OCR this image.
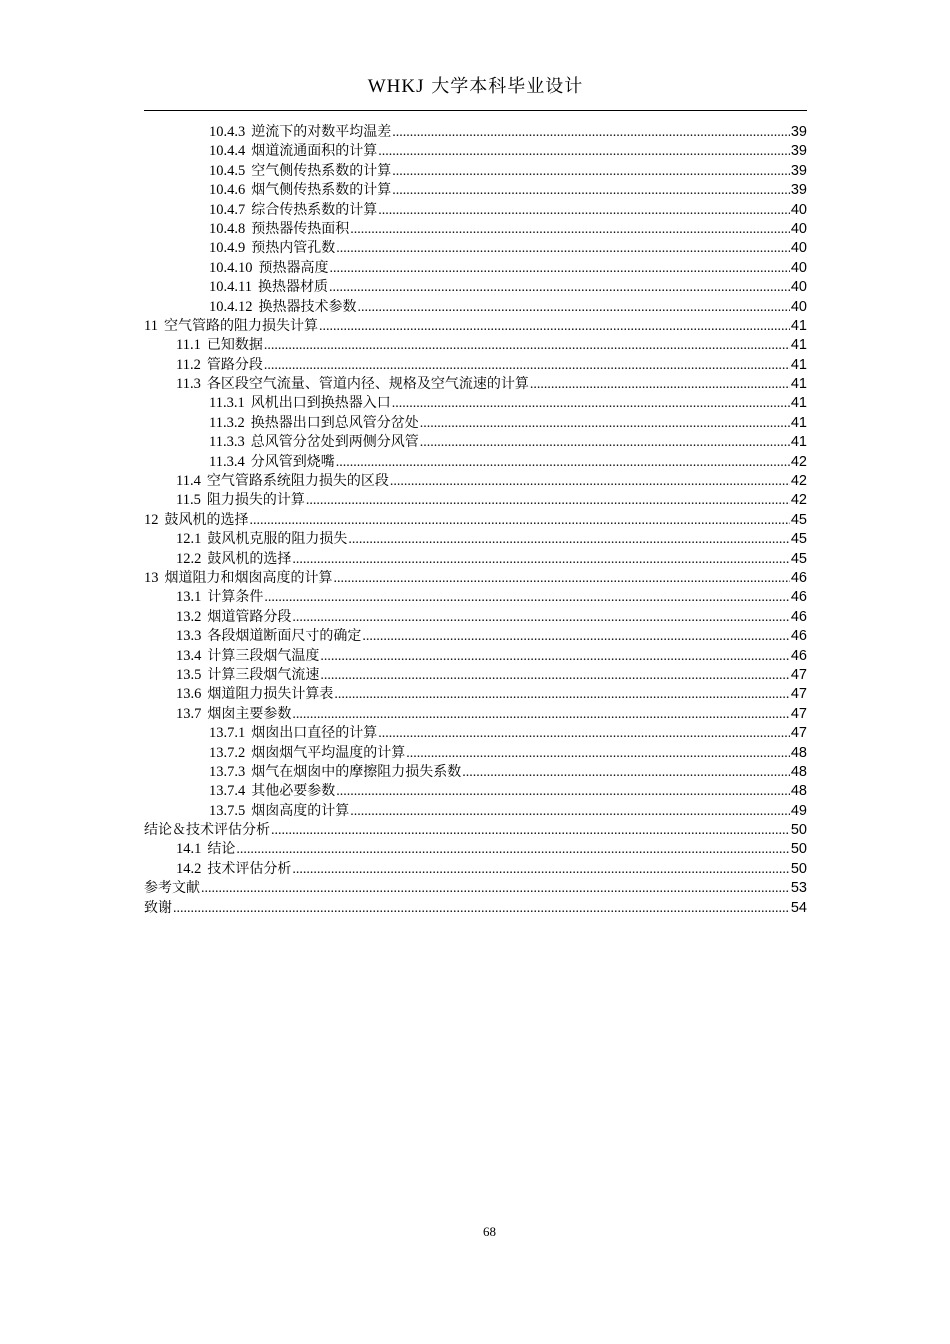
WHKJ 大学本科毕业设计
10.4.3 逆流下的对数平均温差 .....	39
10.4.4 烟道流通面积的计算 .....	39
10.4.5 空气侧传热系数的计算 .....	39
10.4.6 烟气侧传热系数的计算 .....	39
10.4.7 综合传热系数的计算 .....	40
10.4.8 预热器传热面积 .....	40
10.4.9 预热内管孔数 .....	40
10.4.10 预热器高度 .....	40
10.4.11 换热器材质 .....	40
10.4.12 换热器技术参数 .....	40
11 空气管路的阻力损失计算 .....	41
11.1 已知数据 .....	41
11.2 管路分段 .....	41
11.3 各区段空气流量、管道内径、规格及空气流速的计算 .....	41
11.3.1 风机出口到换热器入口 .....	41
11.3.2 换热器出口到总风管分岔处 .....	41
11.3.3 总风管分岔处到两侧分风管 .....	41
11.3.4 分风管到烧嘴 .....	42
11.4 空气管路系统阻力损失的区段 .....	42
11.5 阻力损失的计算 .....	42
12 鼓风机的选择 .....	45
12.1 鼓风机克服的阻力损失 .....	45
12.2 鼓风机的选择 .....	45
13 烟道阻力和烟囱高度的计算 .....	46
13.1 计算条件 .....	46
13.2 烟道管路分段 .....	46
13.3 各段烟道断面尺寸的确定 .....	46
13.4 计算三段烟气温度 .....	46
13.5 计算三段烟气流速 .....	47
13.6 烟道阻力损失计算表 .....	47
13.7 烟囱主要参数 .....	47
13.7.1 烟囱出口直径的计算 .....	47
13.7.2 烟囱烟气平均温度的计算 .....	48
13.7.3 烟气在烟囱中的摩擦阻力损失系数 .....	48
13.7.4 其他必要参数 .....	48
13.7.5 烟囱高度的计算 .....	49
结论＆技术评估分析 .....	50
14.1 结论 .....	50
14.2 技术评估分析 .....	50
参考文献 .....	53
致谢 .....	54
68
